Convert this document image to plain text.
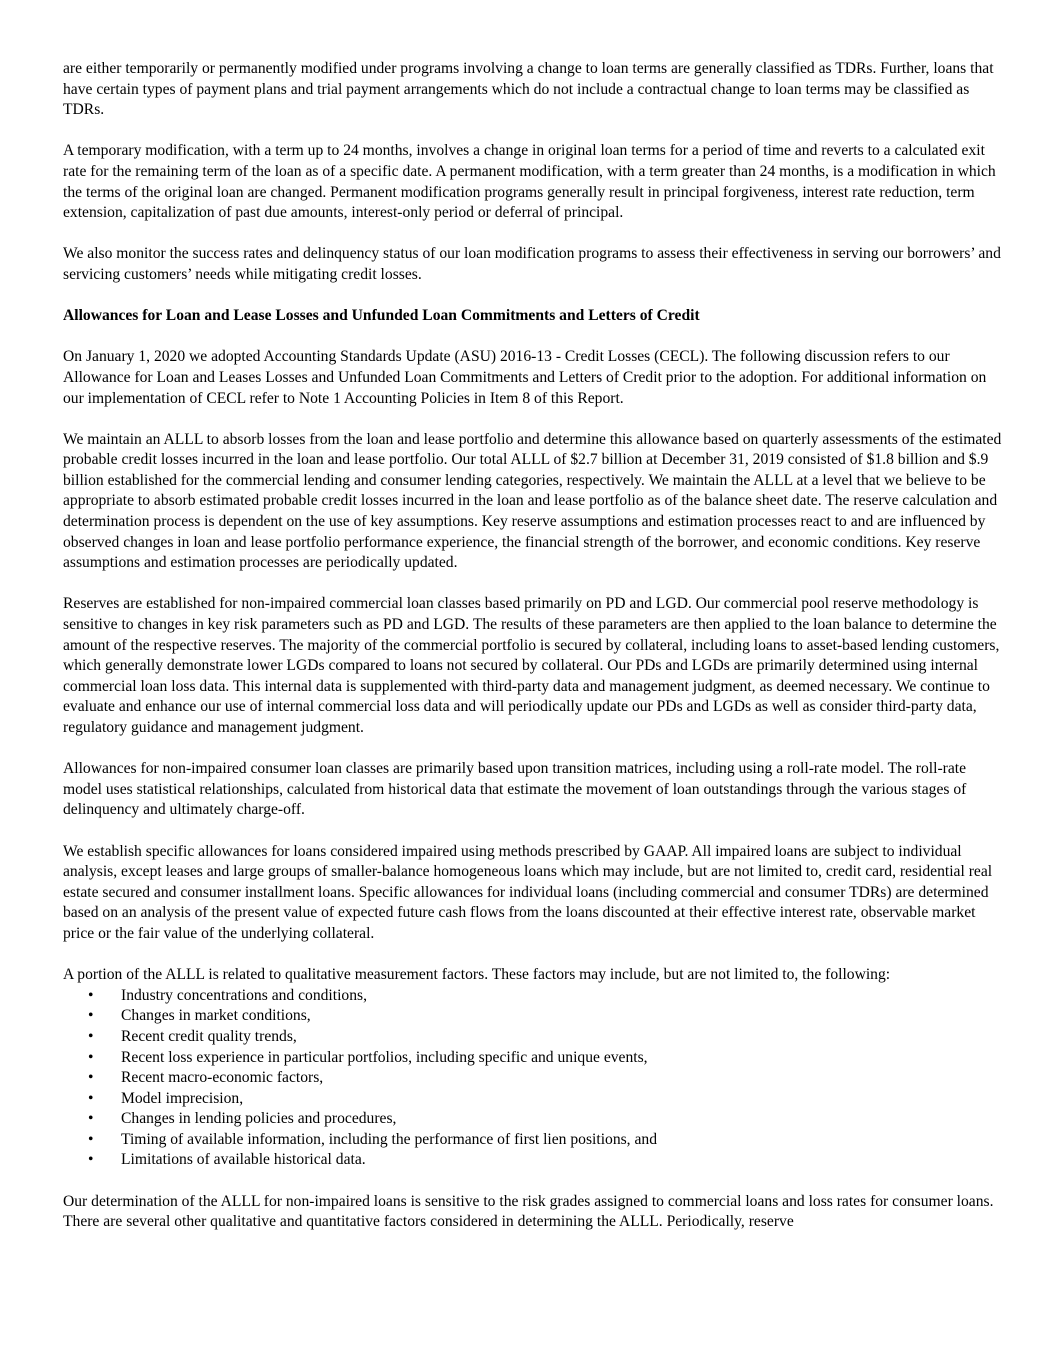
are either temporarily or permanently modified under programs involving a change to loan terms are generally classified as TDRs. Further, loans that have certain types of payment plans and trial payment arrangements which do not include a contractual change to loan terms may be classified as TDRs.

A temporary modification, with a term up to 24 months, involves a change in original loan terms for a period of time and reverts to a calculated exit rate for the remaining term of the loan as of a specific date. A permanent modification, with a term greater than 24 months, is a modification in which the terms of the original loan are changed. Permanent modification programs generally result in principal forgiveness, interest rate reduction, term extension, capitalization of past due amounts, interest-only period or deferral of principal.

We also monitor the success rates and delinquency status of our loan modification programs to assess their effectiveness in serving our borrowers’ and servicing customers’ needs while mitigating credit losses.

Allowances for Loan and Lease Losses and Unfunded Loan Commitments and Letters of Credit

On January 1, 2020 we adopted Accounting Standards Update (ASU) 2016-13 - Credit Losses (CECL). The following discussion refers to our Allowance for Loan and Leases Losses and Unfunded Loan Commitments and Letters of Credit prior to the adoption. For additional information on our implementation of CECL refer to Note 1 Accounting Policies in Item 8 of this Report.

We maintain an ALLL to absorb losses from the loan and lease portfolio and determine this allowance based on quarterly assessments of the estimated probable credit losses incurred in the loan and lease portfolio. Our total ALLL of $2.7 billion at December 31, 2019 consisted of $1.8 billion and $.9 billion established for the commercial lending and consumer lending categories, respectively. We maintain the ALLL at a level that we believe to be appropriate to absorb estimated probable credit losses incurred in the loan and lease portfolio as of the balance sheet date. The reserve calculation and determination process is dependent on the use of key assumptions. Key reserve assumptions and estimation processes react to and are influenced by observed changes in loan and lease portfolio performance experience, the financial strength of the borrower, and economic conditions. Key reserve assumptions and estimation processes are periodically updated.

Reserves are established for non-impaired commercial loan classes based primarily on PD and LGD. Our commercial pool reserve methodology is sensitive to changes in key risk parameters such as PD and LGD. The results of these parameters are then applied to the loan balance to determine the amount of the respective reserves. The majority of the commercial portfolio is secured by collateral, including loans to asset-based lending customers, which generally demonstrate lower LGDs compared to loans not secured by collateral. Our PDs and LGDs are primarily determined using internal commercial loan loss data. This internal data is supplemented with third-party data and management judgment, as deemed necessary. We continue to evaluate and enhance our use of internal commercial loss data and will periodically update our PDs and LGDs as well as consider third-party data, regulatory guidance and management judgment.

Allowances for non-impaired consumer loan classes are primarily based upon transition matrices, including using a roll-rate model. The roll-rate model uses statistical relationships, calculated from historical data that estimate the movement of loan outstandings through the various stages of delinquency and ultimately charge-off.

We establish specific allowances for loans considered impaired using methods prescribed by GAAP. All impaired loans are subject to individual analysis, except leases and large groups of smaller-balance homogeneous loans which may include, but are not limited to, credit card, residential real estate secured and consumer installment loans. Specific allowances for individual loans (including commercial and consumer TDRs) are determined based on an analysis of the present value of expected future cash flows from the loans discounted at their effective interest rate, observable market price or the fair value of the underlying collateral.

A portion of the ALLL is related to qualitative measurement factors. These factors may include, but are not limited to, the following:
• Industry concentrations and conditions,
• Changes in market conditions,
• Recent credit quality trends,
• Recent loss experience in particular portfolios, including specific and unique events,
• Recent macro-economic factors,
• Model imprecision,
• Changes in lending policies and procedures,
• Timing of available information, including the performance of first lien positions, and
• Limitations of available historical data.

Our determination of the ALLL for non-impaired loans is sensitive to the risk grades assigned to commercial loans and loss rates for consumer loans. There are several other qualitative and quantitative factors considered in determining the ALLL. Periodically, reserve
